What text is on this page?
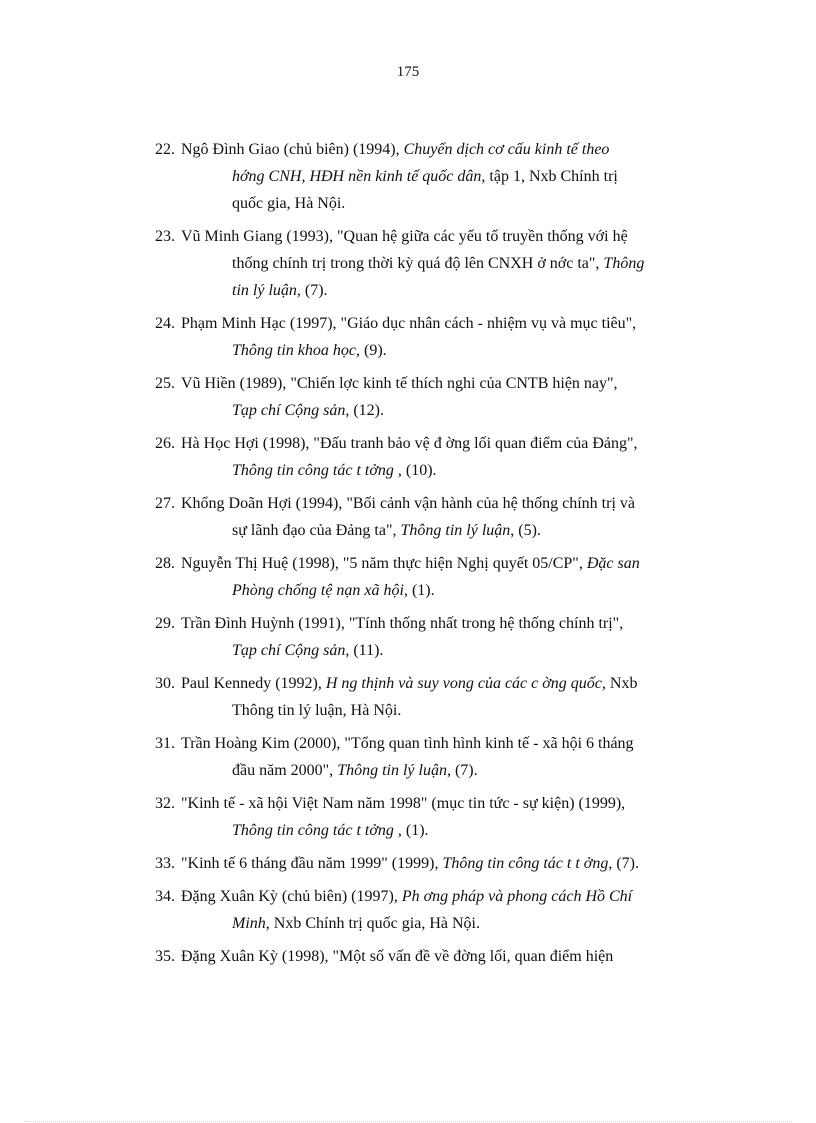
175
22. Ngô Đình Giao (chủ biên) (1994), Chuyển dịch cơ cấu kinh tế theo
hớng CNH, HĐH nền kinh tế quốc dân, tập 1, Nxb Chính trị
quốc gia, Hà Nội.
23. Vũ Minh Giang (1993), "Quan hệ giữa các yếu tố truyền thống với hệ
thống chính trị trong thời kỳ quá độ lên CNXH ở nớc ta", Thông
tin lý luận, (7).
24. Phạm Minh Hạc (1997), "Giáo dục nhân cách - nhiệm vụ và mục tiêu",
Thông tin khoa học, (9).
25. Vũ Hiền (1989), "Chiến lợc kinh tế thích nghi của CNTB hiện nay",
Tạp chí Cộng sản, (12).
26. Hà Học Hợi (1998), "Đấu tranh bảo vệ đ ờng lối quan điểm của Đảng",
Thông tin công tác t tởng , (10).
27. Khổng Doãn Hợi (1994), "Bối cảnh vận hành của hệ thống chính trị và
sự lãnh đạo của Đảng ta", Thông tin lý luận, (5).
28. Nguyễn Thị Huệ (1998), "5 năm thực hiện Nghị quyết 05/CP", Đặc san
Phòng chống tệ nạn xã hội, (1).
29. Trần Đình Huỳnh (1991), "Tính thống nhất trong hệ thống chính trị",
Tạp chí Cộng sản, (11).
30. Paul Kennedy (1992), H ng thịnh và suy vong của các c ờng quốc, Nxb
Thông tin lý luận, Hà Nội.
31. Trần Hoàng Kim (2000), "Tổng quan tình hình kinh tế - xã hội 6 tháng
đầu năm 2000", Thông tin lý luận, (7).
32. "Kinh tế - xã hội Việt Nam năm 1998" (mục tin tức - sự kiện) (1999),
Thông tin công tác t tởng , (1).
33. "Kinh tế 6 tháng đầu năm 1999" (1999), Thông tin công tác t t ởng, (7).
34. Đặng Xuân Kỳ (chủ biên) (1997), Ph ơng pháp và phong cách Hồ Chí
Minh, Nxb Chính trị quốc gia, Hà Nội.
35. Đặng Xuân Kỳ (1998), "Một số vấn đề về đờng lối, quan điểm hiện
